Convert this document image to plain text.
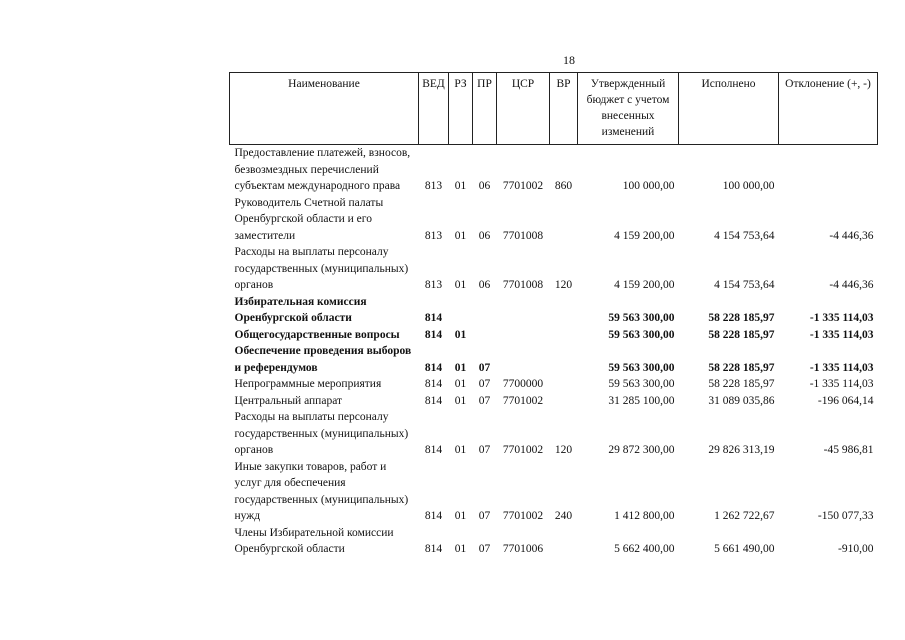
18
Наименование	ВЕД	РЗ	ПР	ЦСР	ВР	Утвержденный бюджет с учетом внесенных изменений	Исполнено	Отклонение (+, -)
Предоставление платежей, взносов, безвозмездных перечислений субъектам международного права	813	01	06	7701002	860	100 000,00	100 000,00	
Руководитель Счетной палаты Оренбургской области и его заместители	813	01	06	7701008		4 159 200,00	4 154 753,64	-4 446,36
Расходы на выплаты персоналу государственных (муниципальных) органов	813	01	06	7701008	120	4 159 200,00	4 154 753,64	-4 446,36
Избирательная комиссия Оренбургской области	814					59 563 300,00	58 228 185,97	-1 335 114,03
Общегосударственные вопросы	814	01				59 563 300,00	58 228 185,97	-1 335 114,03
Обеспечение проведения выборов и референдумов	814	01	07			59 563 300,00	58 228 185,97	-1 335 114,03
Непрограммные мероприятия	814	01	07	7700000		59 563 300,00	58 228 185,97	-1 335 114,03
Центральный аппарат	814	01	07	7701002		31 285 100,00	31 089 035,86	-196 064,14
Расходы на выплаты персоналу государственных (муниципальных) органов	814	01	07	7701002	120	29 872 300,00	29 826 313,19	-45 986,81
Иные закупки товаров, работ и услуг для обеспечения государственных (муниципальных) нужд	814	01	07	7701002	240	1 412 800,00	1 262 722,67	-150 077,33
Члены Избирательной комиссии Оренбургской области	814	01	07	7701006		5 662 400,00	5 661 490,00	-910,00
